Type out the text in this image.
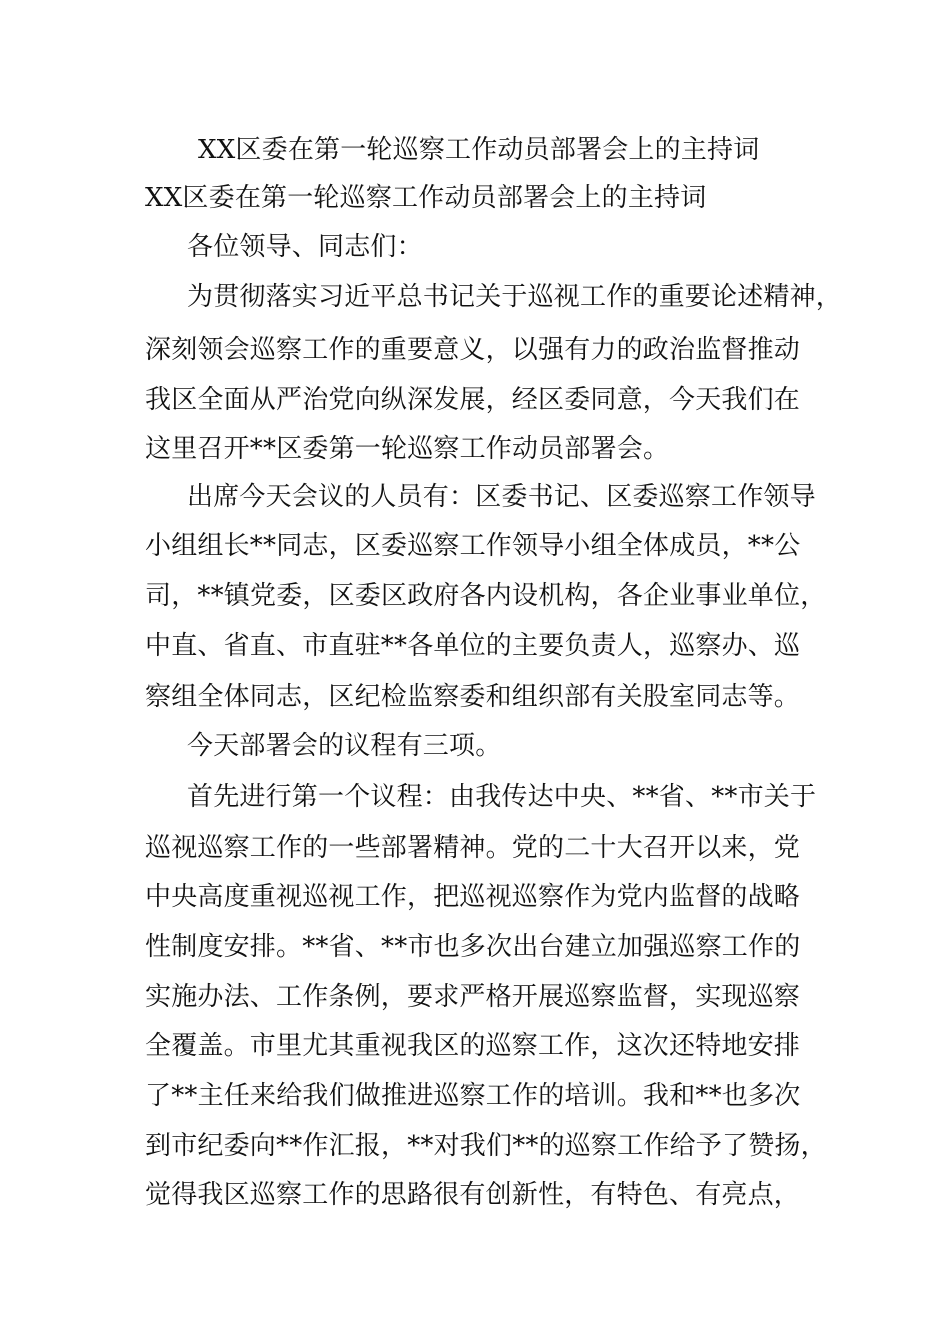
XX区委在第一轮巡察工作动员部署会上的主持词
XX区委在第一轮巡察工作动员部署会上的主持词
各位领导、同志们：
为贯彻落实习近平总书记关于巡视工作的重要论述精神，
深刻领会巡察工作的重要意义，以强有力的政治监督推动
我区全面从严治党向纵深发展，经区委同意，今天我们在
这里召开**区委第一轮巡察工作动员部署会。
出席今天会议的人员有：区委书记、区委巡察工作领导
小组组长**同志，区委巡察工作领导小组全体成员，**公
司，**镇党委，区委区政府各内设机构，各企业事业单位，
中直、省直、市直驻**各单位的主要负责人，巡察办、巡
察组全体同志，区纪检监察委和组织部有关股室同志等。
今天部署会的议程有三项。
首先进行第一个议程：由我传达中央、**省、**市关于
巡视巡察工作的一些部署精神。党的二十大召开以来，党
中央高度重视巡视工作，把巡视巡察作为党内监督的战略
性制度安排。**省、**市也多次出台建立加强巡察工作的
实施办法、工作条例，要求严格开展巡察监督，实现巡察
全覆盖。市里尤其重视我区的巡察工作，这次还特地安排
了**主任来给我们做推进巡察工作的培训。我和**也多次
到市纪委向**作汇报，**对我们**的巡察工作给予了赞扬，
觉得我区巡察工作的思路很有创新性，有特色、有亮点，
